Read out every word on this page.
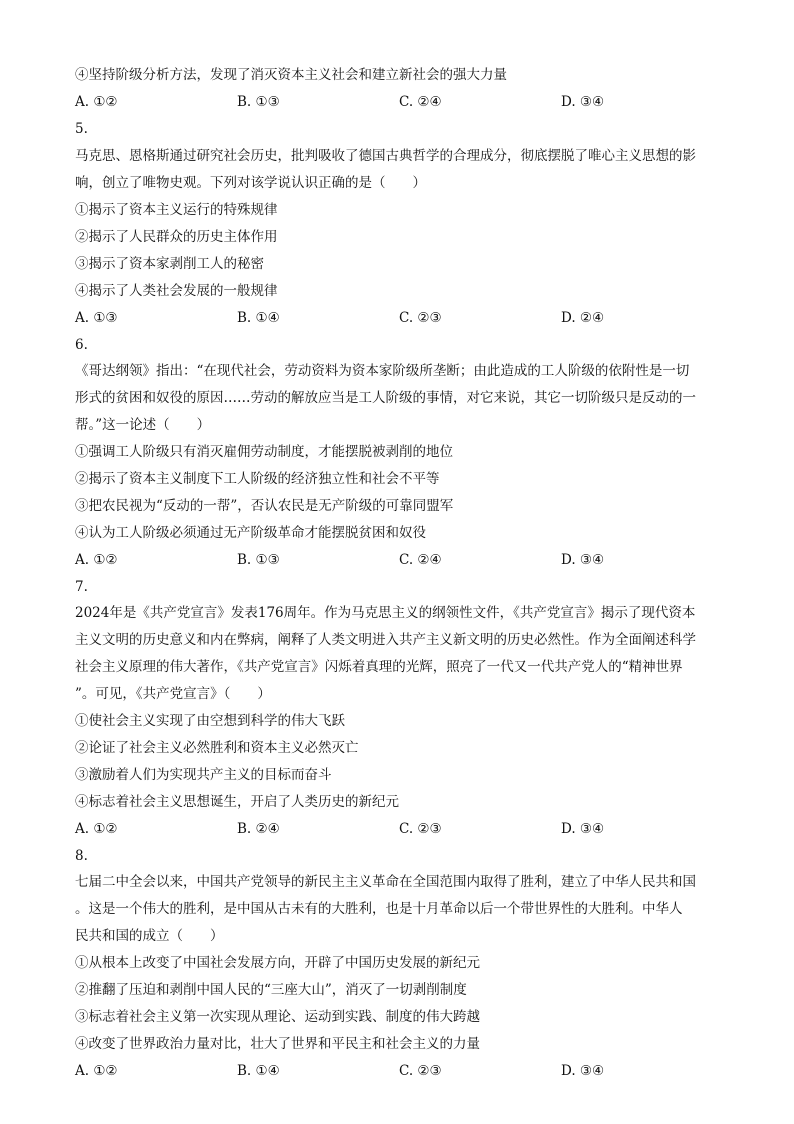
④坚持阶级分析方法，发现了消灭资本主义社会和建立新社会的强大力量
A. ①②	B. ①③	C. ②④	D. ③④
5.
马克思、恩格斯通过研究社会历史，批判吸收了德国古典哲学的合理成分，彻底摆脱了唯心主义思想的影
响，创立了唯物史观。下列对该学说认识正确的是（　　）
①揭示了资本主义运行的特殊规律
②揭示了人民群众的历史主体作用
③揭示了资本家剥削工人的秘密
④揭示了人类社会发展的一般规律
A. ①③	B. ①④	C. ②③	D. ②④
6.
《哥达纲领》指出：“在现代社会，劳动资料为资本家阶级所垄断；由此造成的工人阶级的依附性是一切
形式的贫困和奴役的原因……劳动的解放应当是工人阶级的事情，对它来说，其它一切阶级只是反动的一
帮。”这一论述（　　）
①强调工人阶级只有消灭雇佣劳动制度，才能摆脱被剥削的地位
②揭示了资本主义制度下工人阶级的经济独立性和社会不平等
③把农民视为“反动的一帮”，否认农民是无产阶级的可靠同盟军
④认为工人阶级必须通过无产阶级革命才能摆脱贫困和奴役
A. ①②	B. ①③	C. ②④	D. ③④
7.
2024年是《共产党宣言》发表176周年。作为马克思主义的纲领性文件，《共产党宣言》揭示了现代资本
主义文明的历史意义和内在弊病，阐释了人类文明进入共产主义新文明的历史必然性。作为全面阐述科学
社会主义原理的伟大著作，《共产党宣言》闪烁着真理的光辉，照亮了一代又一代共产党人的“精神世界
”。可见，《共产党宣言》（　　）
①使社会主义实现了由空想到科学的伟大飞跃
②论证了社会主义必然胜利和资本主义必然灭亡
③激励着人们为实现共产主义的目标而奋斗
④标志着社会主义思想诞生，开启了人类历史的新纪元
A. ①②	B. ②④	C. ②③	D. ③④
8.
七届二中全会以来，中国共产党领导的新民主主义革命在全国范围内取得了胜利，建立了中华人民共和国
。这是一个伟大的胜利，是中国从古未有的大胜利，也是十月革命以后一个带世界性的大胜利。中华人
民共和国的成立（　　）
①从根本上改变了中国社会发展方向，开辟了中国历史发展的新纪元
②推翻了压迫和剥削中国人民的“三座大山”，消灭了一切剥削制度
③标志着社会主义第一次实现从理论、运动到实践、制度的伟大跨越
④改变了世界政治力量对比，壮大了世界和平民主和社会主义的力量
A. ①②	B. ①④	C. ②③	D. ③④
